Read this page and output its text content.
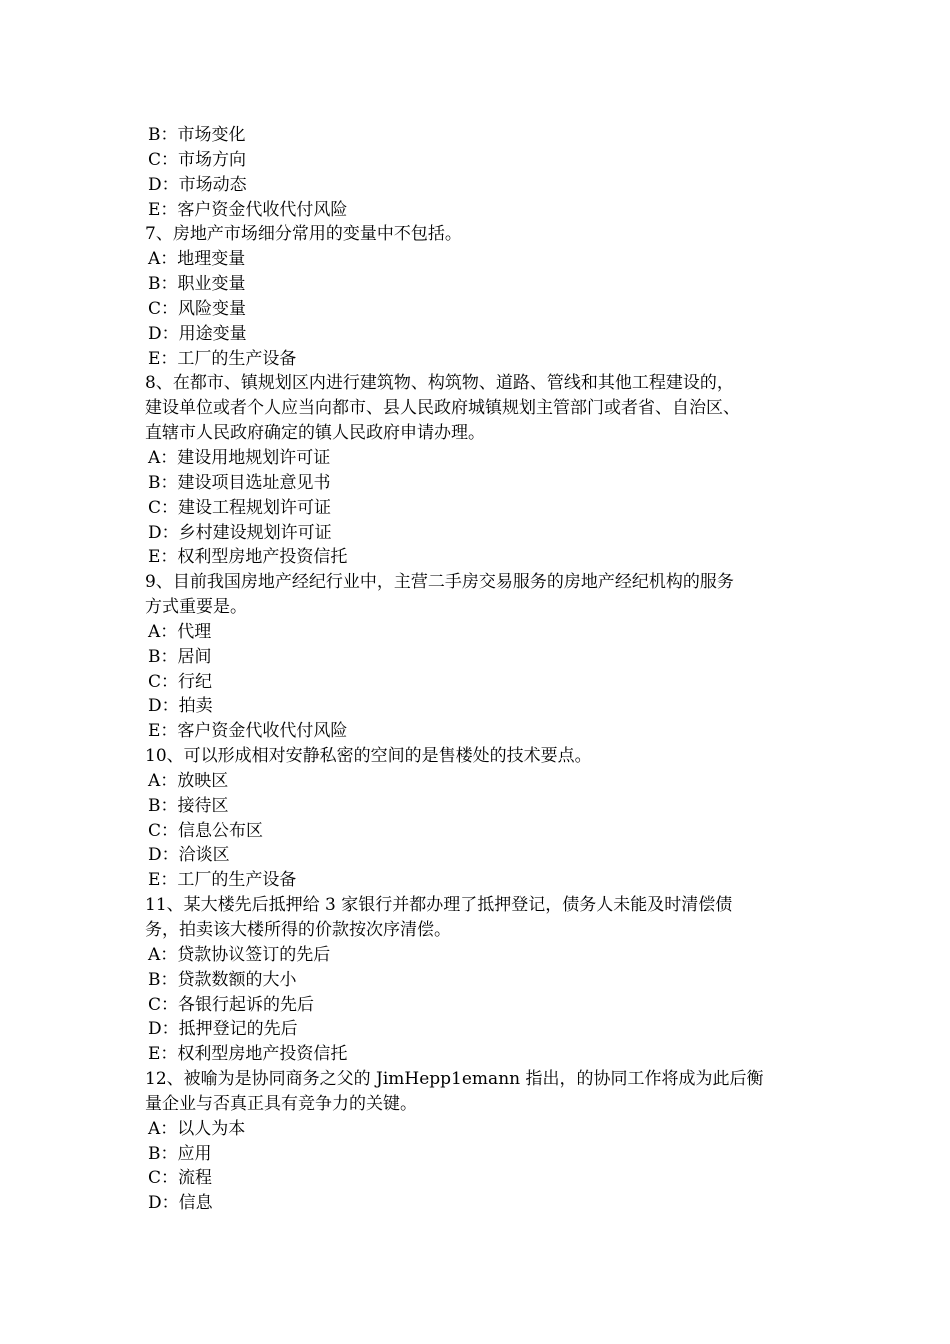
B：市场变化
C：市场方向
D：市场动态
E：客户资金代收代付风险
7、房地产市场细分常用的变量中不包括。
A：地理变量
B：职业变量
C：风险变量
D：用途变量
E：工厂的生产设备
8、在都市、镇规划区内进行建筑物、构筑物、道路、管线和其他工程建设的，
建设单位或者个人应当向都市、县人民政府城镇规划主管部门或者省、自治区、
直辖市人民政府确定的镇人民政府申请办理。
A：建设用地规划许可证
B：建设项目选址意见书
C：建设工程规划许可证
D：乡村建设规划许可证
E：权利型房地产投资信托
9、目前我国房地产经纪行业中，主营二手房交易服务的房地产经纪机构的服务
方式重要是。
A：代理
B：居间
C：行纪
D：拍卖
E：客户资金代收代付风险
10、可以形成相对安静私密的空间的是售楼处的技术要点。
A：放映区
B：接待区
C：信息公布区
D：洽谈区
E：工厂的生产设备
11、某大楼先后抵押给 3 家银行并都办理了抵押登记，债务人未能及时清偿债
务，拍卖该大楼所得的价款按次序清偿。
A：贷款协议签订的先后
B：贷款数额的大小
C：各银行起诉的先后
D：抵押登记的先后
E：权利型房地产投资信托
12、被喻为是协同商务之父的 JimHepp1emann 指出，的协同工作将成为此后衡
量企业与否真正具有竞争力的关键。
A：以人为本
B：应用
C：流程
D：信息
